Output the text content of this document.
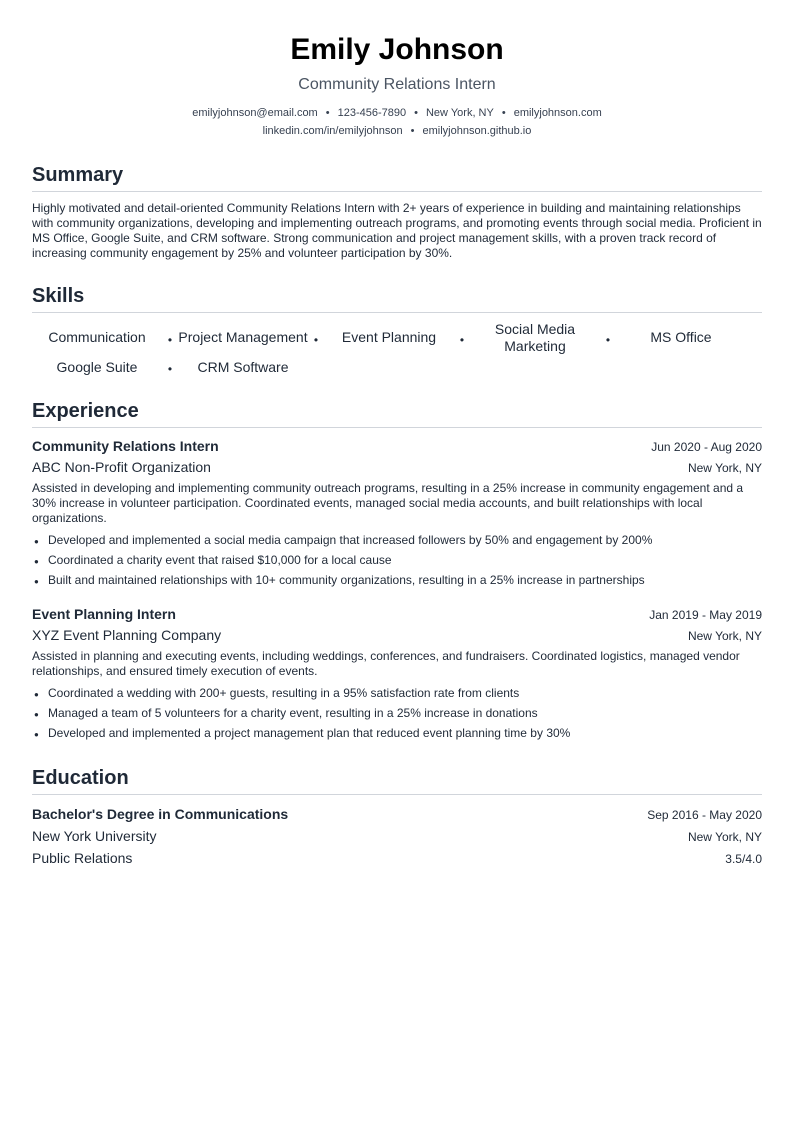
Emily Johnson
Community Relations Intern
emilyjohnson@email.com • 123-456-7890 • New York, NY • emilyjohnson.com
linkedin.com/in/emilyjohnson • emilyjohnson.github.io
Summary
Highly motivated and detail-oriented Community Relations Intern with 2+ years of experience in building and maintaining relationships with community organizations, developing and implementing outreach programs, and promoting events through social media. Proficient in MS Office, Google Suite, and CRM software. Strong communication and project management skills, with a proven track record of increasing community engagement by 25% and volunteer participation by 30%.
Skills
Communication	• Project Management •	Event Planning	•
Social Media Marketing	•	MS Office
Google Suite	•	CRM Software
Experience
Community Relations Intern	Jun 2020 - Aug 2020
ABC Non-Profit Organization	New York, NY
Assisted in developing and implementing community outreach programs, resulting in a 25% increase in community engagement and a 30% increase in volunteer participation. Coordinated events, managed social media accounts, and built relationships with local organizations.
● Developed and implemented a social media campaign that increased followers by 50% and engagement by 200%
● Coordinated a charity event that raised $10,000 for a local cause
● Built and maintained relationships with 10+ community organizations, resulting in a 25% increase in partnerships
Event Planning Intern	Jan 2019 - May 2019
XYZ Event Planning Company	New York, NY
Assisted in planning and executing events, including weddings, conferences, and fundraisers. Coordinated logistics, managed vendor relationships, and ensured timely execution of events.
● Coordinated a wedding with 200+ guests, resulting in a 95% satisfaction rate from clients
● Managed a team of 5 volunteers for a charity event, resulting in a 25% increase in donations
● Developed and implemented a project management plan that reduced event planning time by 30%
Education
Bachelor's Degree in Communications	Sep 2016 - May 2020
New York University	New York, NY
Public Relations	3.5/4.0
